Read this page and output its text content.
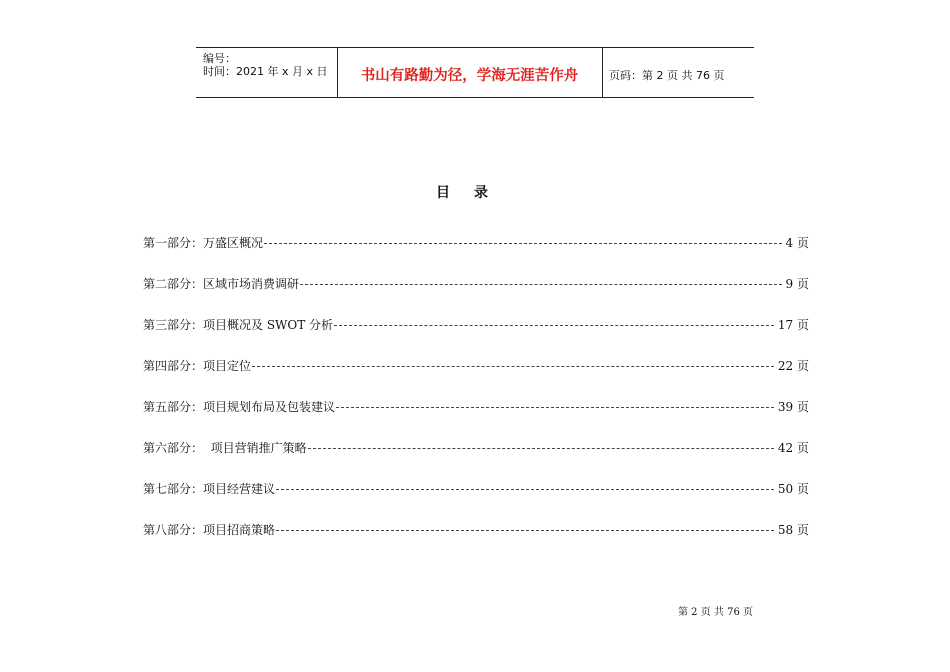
编号：
时间：2021 年 x 月 x 日	书山有路勤为径，学海无涯苦作舟	页码：第 2 页 共 76 页
目录
第一部分：万盛区概况	4 页
第二部分：区域市场消费调研	9 页
第三部分：项目概况及 SWOT 分析	17 页
第四部分：项目定位	22 页
第五部分：项目规划布局及包装建议	39 页
第六部分：  项目营销推广策略	42 页
第七部分：项目经营建议	50 页
第八部分：项目招商策略	58 页
第 2 页 共 76 页
